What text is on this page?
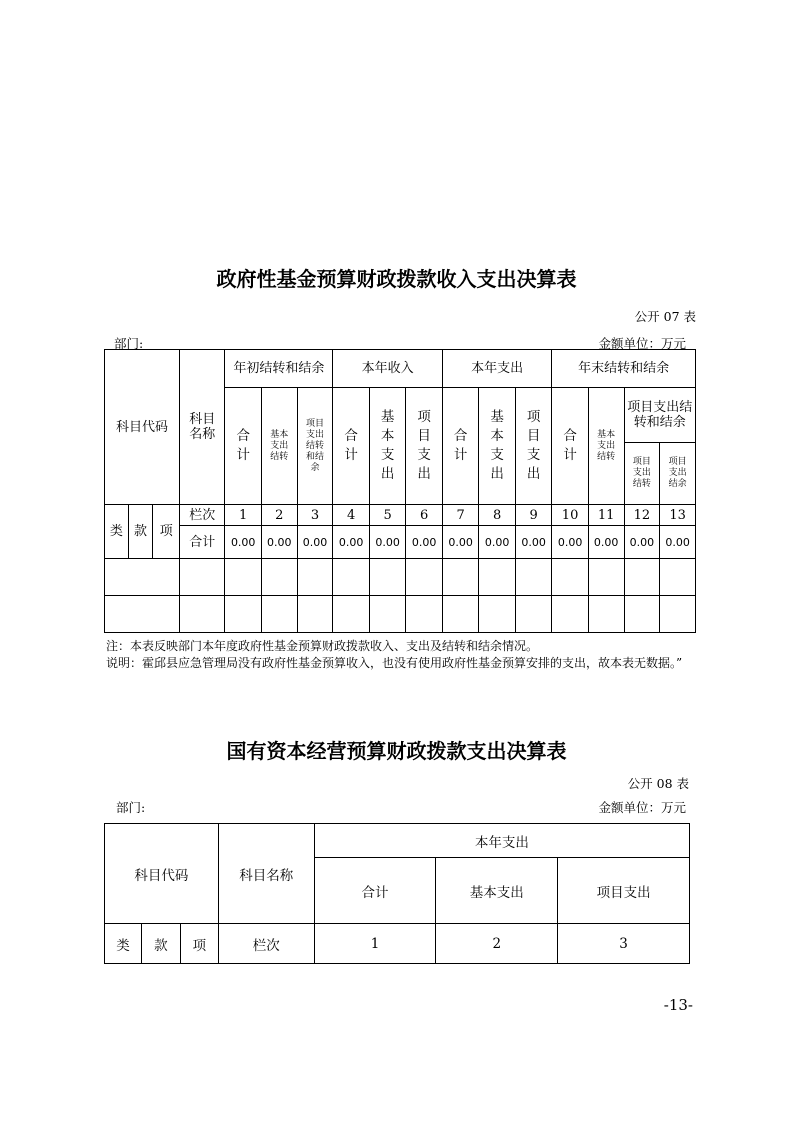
政府性基金预算财政拨款收入支出决算表
公开 07 表
部门:	金额单位：万元
科目代码			科目名称	年初结转和结余			本年收入			本年支出			年末结转和结余			
				合计	基本支出结转	项目支出结转和结余	合计	基本支出	项目支出	合计	基本支出	项目支出	合计	基本支出结转	项目支出结转和结余	
															项目支出结转	项目支出结余
类	款	项	栏次	1	2	3	4	5	6	7	8	9	10	11	12	13
			合计	0.00	0.00	0.00	0.00	0.00	0.00	0.00	0.00	0.00	0.00	0.00	0.00	0.00

注：本表反映部门本年度政府性基金预算财政拨款收入、支出及结转和结余情况。
说明：霍邱县应急管理局没有政府性基金预算收入，也没有使用政府性基金预算安排的支出，故本表无数据。”
国有资本经营预算财政拨款支出决算表
公开 08 表
部门:	金额单位：万元
科目代码			科目名称	本年支出		
				合计	基本支出	项目支出
类	款	项	栏次	1	2	3
-13-
